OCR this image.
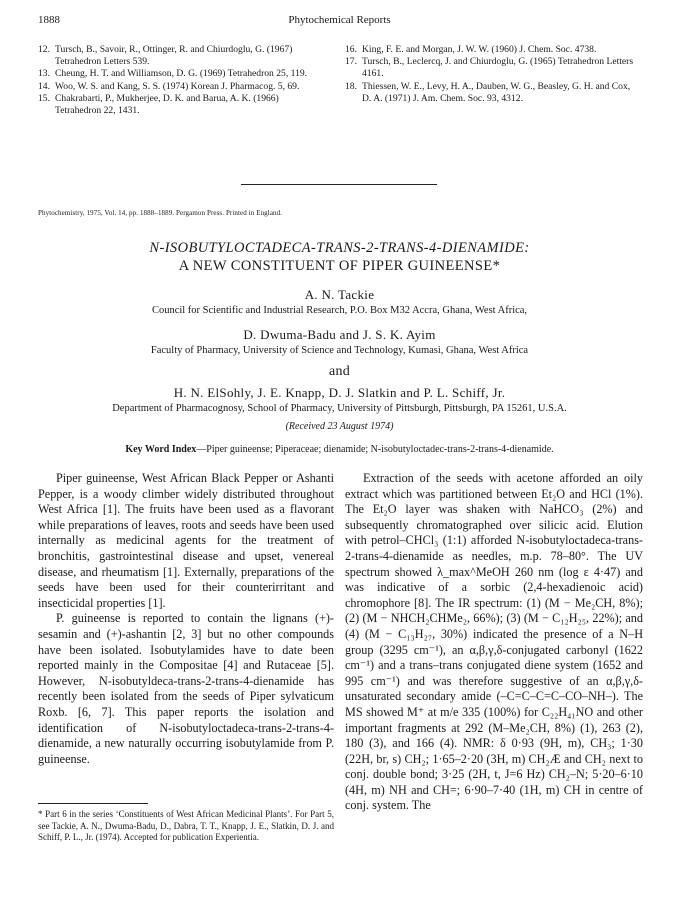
1888	Phytochemical Reports
12. Tursch, B., Savoir, R., Ottinger, R. and Chiurdoglu, G. (1967) Tetrahedron Letters 539.
13. Cheung, H. T. and Williamson, D. G. (1969) Tetrahedron 25, 119.
14. Woo, W. S. and Kang, S. S. (1974) Korean J. Pharmacog. 5, 69.
15. Chakrabarti, P., Mukherjee, D. K. and Barua, A. K. (1966) Tetrahedron 22, 1431.
16. King, F. E. and Morgan, J. W. W. (1960) J. Chem. Soc. 4738.
17. Tursch, B., Leclercq, J. and Chiurdoglu, G. (1965) Tetrahedron Letters 4161.
18. Thiessen, W. E., Levy, H. A., Dauben, W. G., Beasley, G. H. and Cox, D. A. (1971) J. Am. Chem. Soc. 93, 4312.
Phytochemistry, 1975, Vol. 14, pp. 1888–1889. Pergamon Press. Printed in England.
N-ISOBUTYLOCTADECA-TRANS-2-TRANS-4-DIENAMIDE:
A NEW CONSTITUENT OF PIPER GUINEENSE*
A. N. Tackie
Council for Scientific and Industrial Research, P.O. Box M32 Accra, Ghana, West Africa,
D. Dwuma-Badu and J. S. K. Ayim
Faculty of Pharmacy, University of Science and Technology, Kumasi, Ghana, West Africa
and
H. N. ElSohly, J. E. Knapp, D. J. Slatkin and P. L. Schiff, Jr.
Department of Pharmacognosy, School of Pharmacy, University of Pittsburgh, Pittsburgh, PA 15261, U.S.A.
(Received 23 August 1974)
Key Word Index—Piper guineense; Piperaceae; dienamide; N-isobutyloctadec-trans-2-trans-4-dienamide.

Piper guineense, West African Black Pepper or Ashanti Pepper, is a woody climber widely distributed throughout West Africa [1]. The fruits have been used as a flavorant while preparations of leaves, roots and seeds have been used internally as medicinal agents for the treatment of bronchitis, gastrointestinal disease and upset, venereal disease, and rheumatism [1]. Externally, preparations of the seeds have been used for their counterirritant and insecticidal properties [1].

P. guineense is reported to contain the lignans (+)-sesamin and (+)-ashantin [2, 3] but no other compounds have been isolated. Isobutylamides have to date been reported mainly in the Compositae [4] and Rutaceae [5]. However, N-isobutyldeca-trans-2-trans-4-dienamide has recently been isolated from the seeds of Piper sylvaticum Roxb. [6, 7]. This paper reports the isolation and identification of N-isobutyloctadeca-trans-2-trans-4-dienamide, a new naturally occurring isobutylamide from P. guineense.

Extraction of the seeds with acetone afforded an oily extract which was partitioned between Et₂O and HCl (1%). The Et₂O layer was shaken with NaHCO₃ (2%) and subsequently chromatographed over silicic acid. Elution with petrol–CHCl₃ (1:1) afforded N-isobutyloctadeca-trans-2-trans-4-dienamide as needles, m.p. 78–80°. The UV spectrum showed λ_max^MeOH 260 nm (log ε 4·47) and was indicative of a sorbic (2,4-hexadienoic acid) chromophore [8]. The IR spectrum: (1) (M − Me₂CH, 8%); (2) (M − NHCH₂CHMe₂, 66%); (3) (M − C₁₂H₂₅, 22%); and (4) (M − C₁₃H₂₇, 30%) indicated the presence of a N–H group (3295 cm⁻¹), an α,β,γ,δ-conjugated carbonyl (1622 cm⁻¹) and a trans–trans conjugated diene system (1652 and 995 cm⁻¹) and was therefore suggestive of an α,β,γ,δ-unsaturated secondary amide (–C=C–C=C–CO–NH–). The MS showed M⁺ at m/e 335 (100%) for C₂₂H₄₁NO and other important fragments at 292 (M–Me₂CH, 8%) (1), 263 (2), 180 (3), and 166 (4). NMR: δ 0·93 (9H, m), CH₃; 1·30 (22H, br, s) CH₂; 1·65–2·20 (3H, m) CH₂Æ and CH₂ next to conj. double bond; 3·25 (2H, t, J=6 Hz) CH₂–N; 5·20–6·10 (4H, m) NH and CH=; 6·90–7·40 (1H, m) CH in centre of conj. system. The

* Part 6 in the series ‘Constituents of West African Medicinal Plants’. For Part 5, see Tackie, A. N., Dwuma-Badu, D., Dabra, T. T., Knapp, J. E., Slatkin, D. J. and Schiff, P. L., Jr. (1974). Accepted for publication Experientia.
